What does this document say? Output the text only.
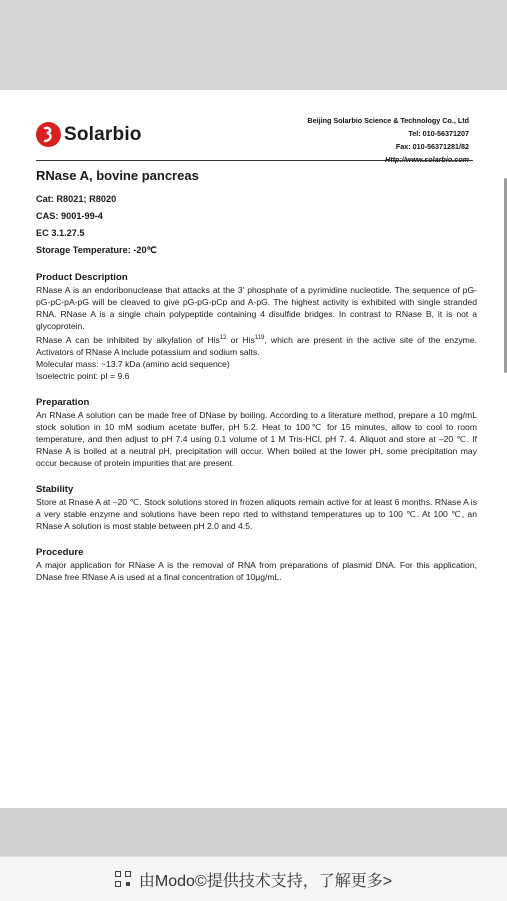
Solarbio
Beijing Solarbio Science & Technology Co., Ltd
Tel: 010-56371207
Fax: 010-56371281/82
Http://www.solarbio.com
RNase A, bovine pancreas
Cat: R8021; R8020
CAS: 9001-99-4
EC 3.1.27.5
Storage Temperature: -20℃
Product Description

RNase A is an endoribonuclease that attacks at the 3' phosphate of a pyrimidine nucleotide. The sequence of pG-pG-pC-pA-pG will be cleaved to give pG-pG-pCp and A-pG. The highest activity is exhibited with single stranded RNA. RNase A is a single chain polypeptide containing 4 disulfide bridges. In contrast to RNase B, it is not a glycoprotein.

RNase A can be inhibited by alkylation of His$^{12}$ or His$^{119}$, which are present in the active site of the enzyme. Activators of RNase A include potassium and sodium salts.

Molecular mass: ~13.7 kDa (amino acid sequence)

Isoelectric point: pI = 9.6

Preparation

An RNase A solution can be made free of DNase by boiling. According to a literature method, prepare a 10 mg/mL stock solution in 10 mM sodium acetate buffer, pH 5.2. Heat to 100℃ for 15 minutes, allow to cool to room temperature, and then adjust to pH 7.4 using 0.1 volume of 1 M Tris-HCl, pH 7. 4. Aliquot and store at –20 ℃. If RNase A is boiled at a neutral pH, precipitation will occur. When boiled at the lower pH, some precipitation may occur because of protein impurities that are present.

Stability

Store at Rnase A at –20 ℃. Stock solutions stored in frozen aliquots remain active for at least 6 months. RNase A is a very stable enzyme and solutions have been repo rted to withstand temperatures up to 100 ℃. At 100 ℃, an RNase A solution is most stable between pH 2.0 and 4.5.

Procedure

A major application for RNase A is the removal of RNA from preparations of plasmid DNA. For this application, DNase free RNase A is used at a final concentration of 10μg/mL.

由Modo©提供技术支持，了解更多>
